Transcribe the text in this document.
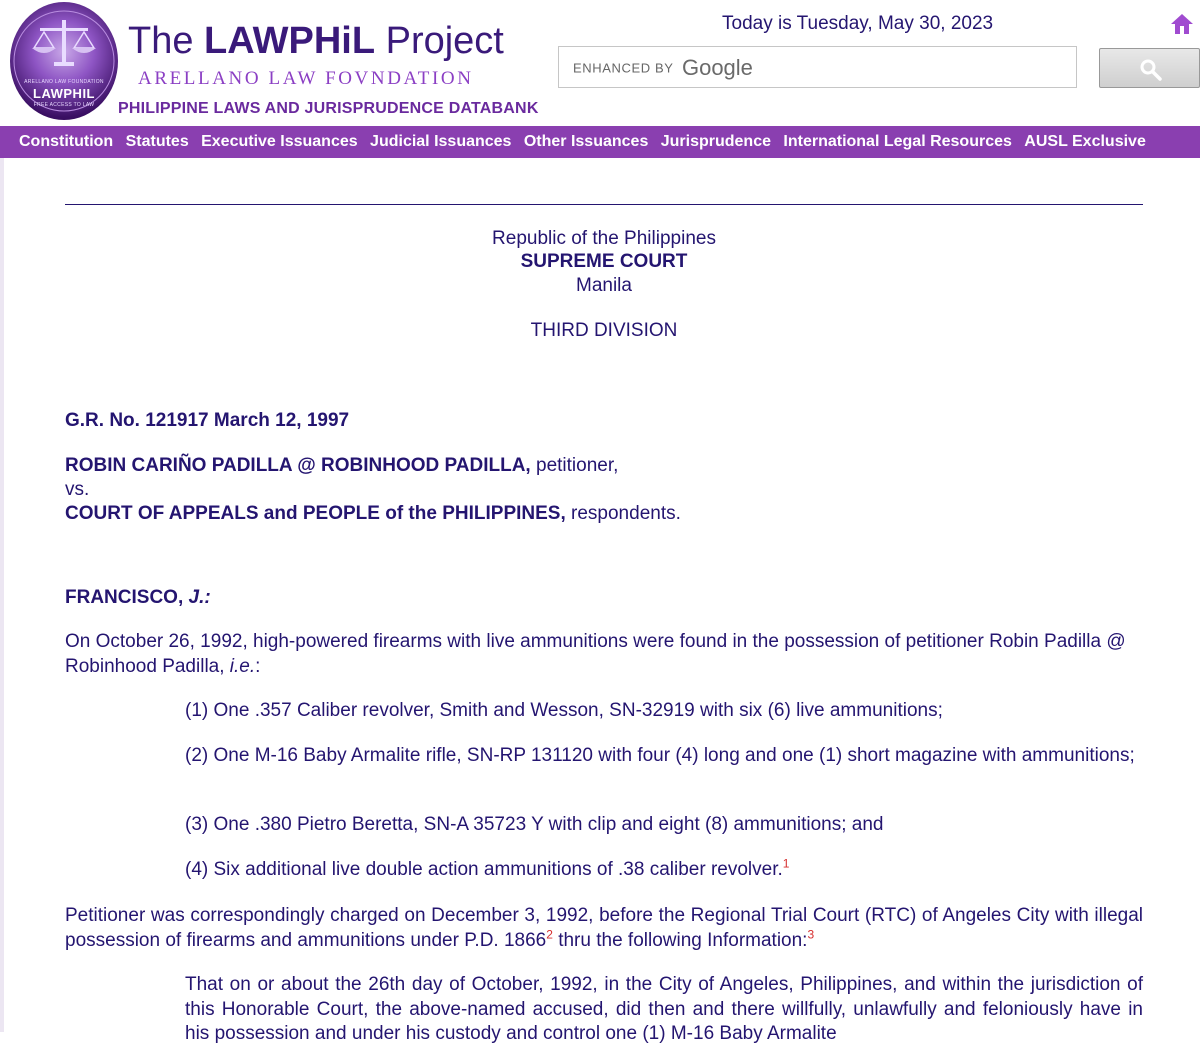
ARELLANO LAW FOUNDATION
LAWPHIL
FREE ACCESS TO LAW
The LAWPHiL Project
ARELLANO LAW FOVNDATION
PHILIPPINE LAWS AND JURISPRUDENCE DATABANK
Today is Tuesday, May 30, 2023
ENHANCED BY Google
Constitution Statutes Executive Issuances Judicial Issuances Other Issuances Jurisprudence International Legal Resources AUSL Exclusive
Republic of the Philippines
SUPREME COURT
Manila
THIRD DIVISION
G.R. No. 121917 March 12, 1997
ROBIN CARIÑO PADILLA @ ROBINHOOD PADILLA, petitioner,
vs.
COURT OF APPEALS and PEOPLE of the PHILIPPINES, respondents.
FRANCISCO, J.:
On October 26, 1992, high-powered firearms with live ammunitions were found in the possession of petitioner Robin Padilla @ Robinhood Padilla, i.e.:
(1) One .357 Caliber revolver, Smith and Wesson, SN-32919 with six (6) live ammunitions;
(2) One M-16 Baby Armalite rifle, SN-RP 131120 with four (4) long and one (1) short magazine with ammunitions;
(3) One .380 Pietro Beretta, SN-A 35723 Y with clip and eight (8) ammunitions; and
(4) Six additional live double action ammunitions of .38 caliber revolver.$^1$
Petitioner was correspondingly charged on December 3, 1992, before the Regional Trial Court (RTC) of Angeles City with illegal possession of firearms and ammunitions under P.D. 1866$^2$ thru the following Information:$^3$
That on or about the 26th day of October, 1992, in the City of Angeles, Philippines, and within the jurisdiction of this Honorable Court, the above-named accused, did then and there willfully, unlawfully and feloniously have in his possession and under his custody and control one (1) M-16 Baby Armalite
